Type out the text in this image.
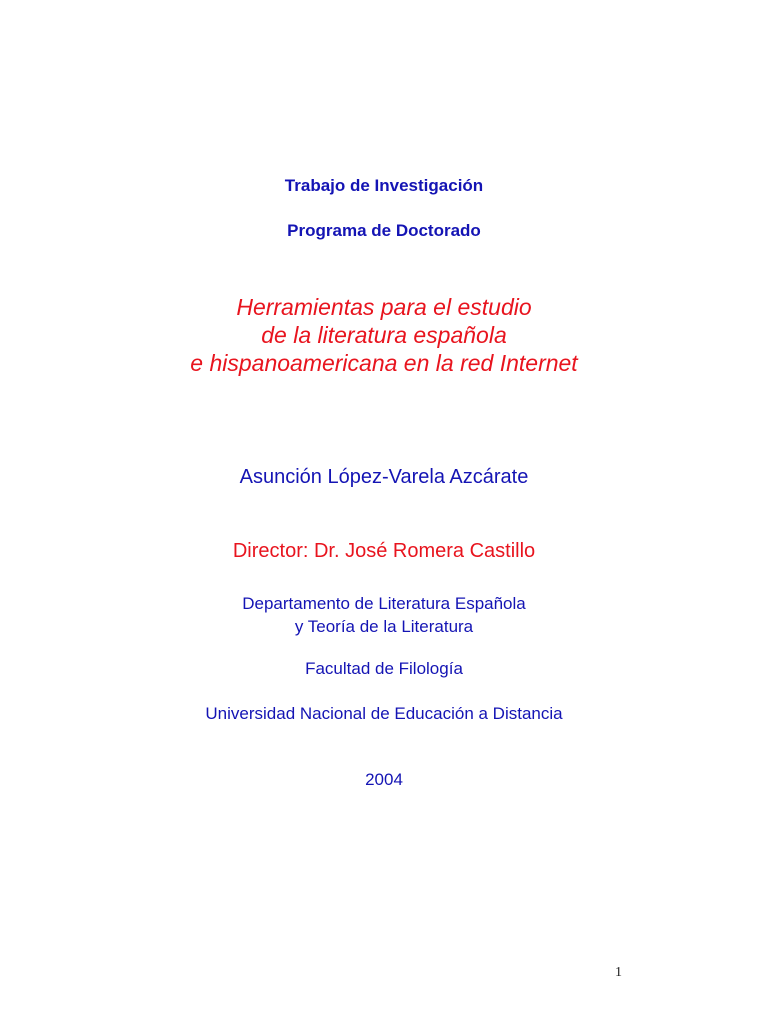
Trabajo de Investigación
Programa de Doctorado
Herramientas para el estudio
de la literatura española
e hispanoamericana en la red Internet
Asunción López-Varela Azcárate
Director: Dr. José Romera Castillo
Departamento de Literatura Española
y Teoría de la Literatura
Facultad de Filología
Universidad Nacional de Educación a Distancia
2004
1
